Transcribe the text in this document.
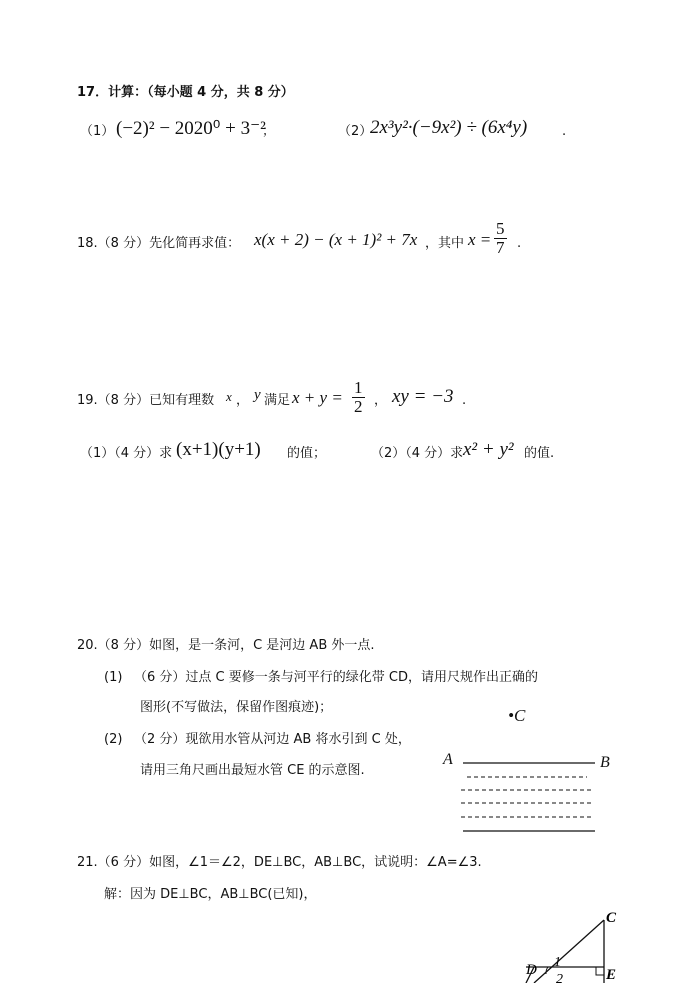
17．计算：（每小题 4 分，共 8 分）
（1） (−2)² − 2020⁰ + 3⁻²
；	（2）
2x³y²·(−9x²) ÷ (6x⁴y)	.
18.（8 分）先化简再求值： x(x + 2) − (x + 1)² + 7x ，其中 $x = \frac{5}{7}$ .
19.（8 分）已知有理数 x ， y 满足 $x + y = \frac{1}{2}$ ， xy = −3 .
（1）（4 分）求 (x+1)(y+1) 的值；	（2）（4 分）求 x² + y² 的值.
20.（8 分）如图，是一条河，C 是河边 AB 外一点.
(1) （6 分）过点 C 要修一条与河平行的绿化带 CD，请用尺规作出正确的
图形(不写做法，保留作图痕迹)；
(2) （2 分）现欲用水管从河边 AB 将水引到 C 处，
请用三角尺画出最短水管 CE 的示意图.
•C
A	B
21.（6 分）如图，∠1＝∠2，DE⊥BC，AB⊥BC，试说明：∠A=∠3.
解：因为 DE⊥BC，AB⊥BC(已知)，
C
D	E
1
2
